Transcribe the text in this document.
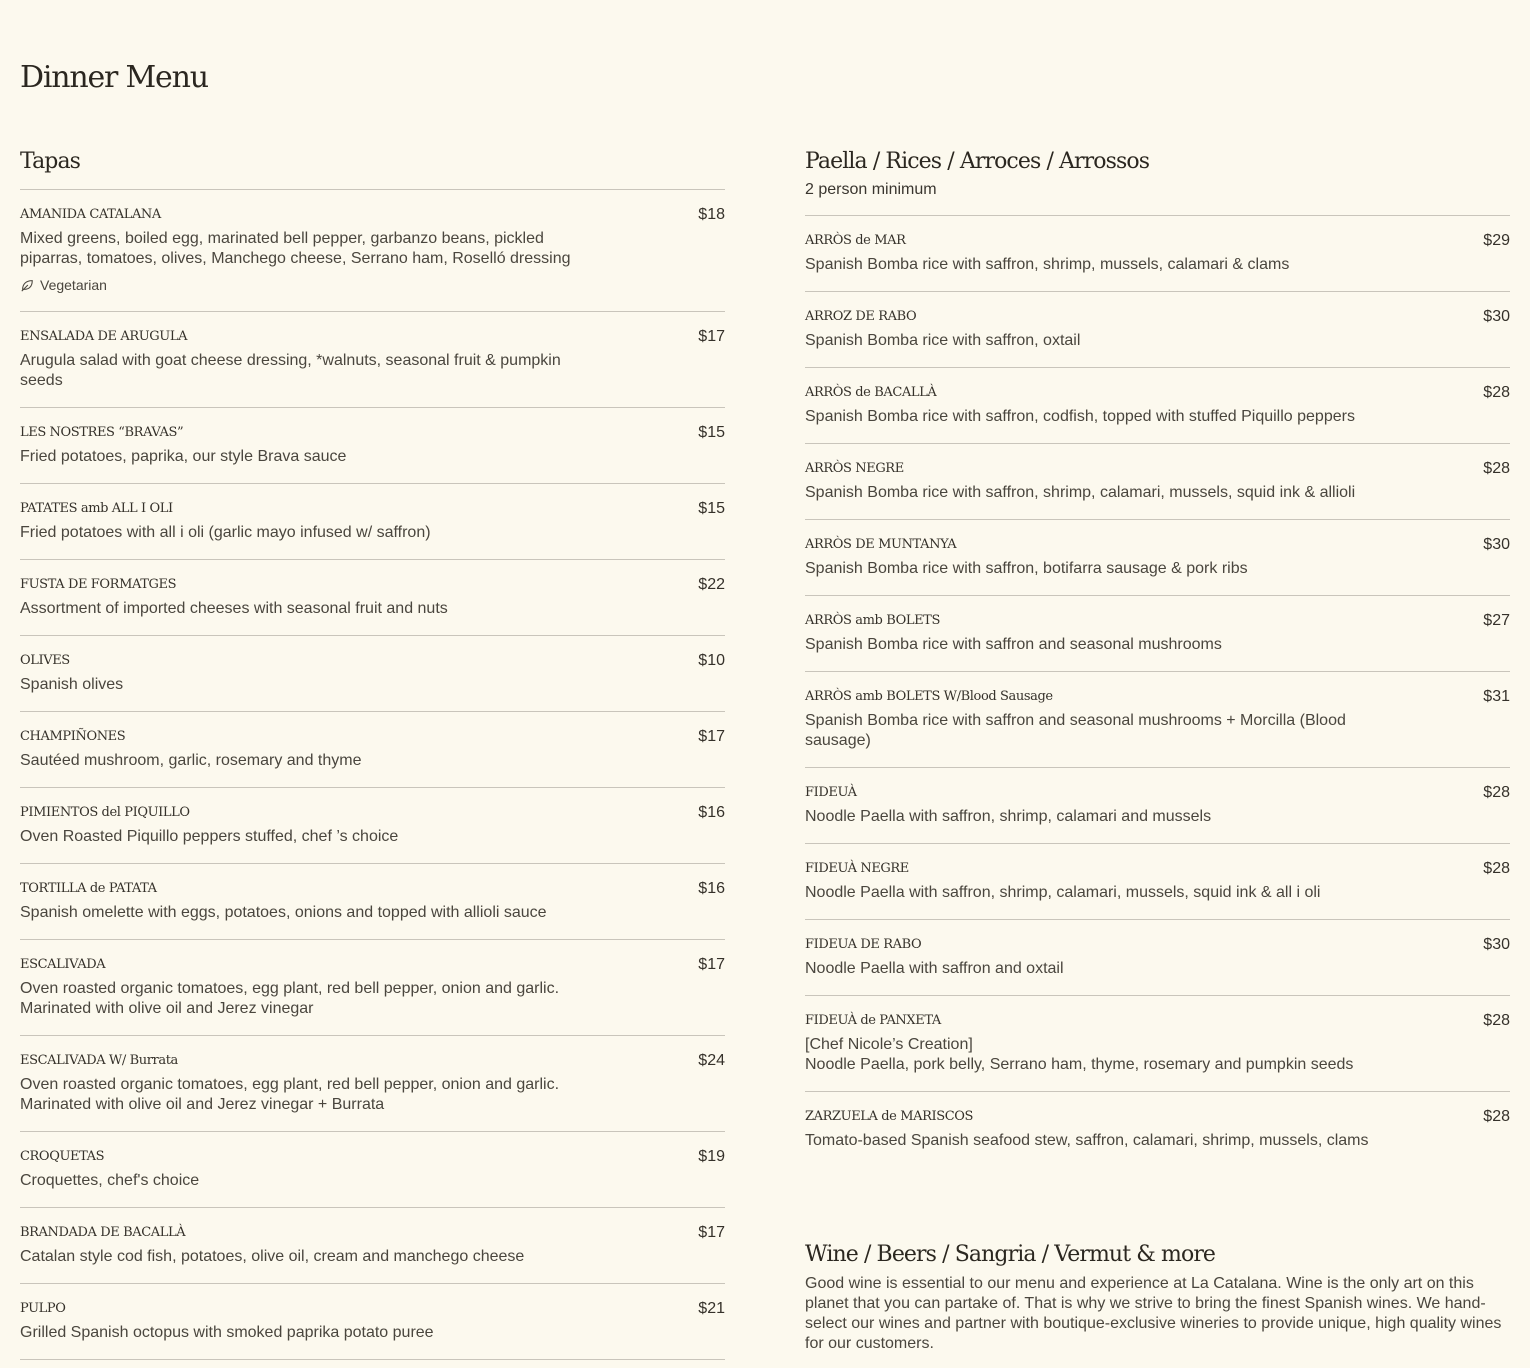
Dinner Menu
Tapas
AMANIDA CATALANA	$18
Mixed greens, boiled egg, marinated bell pepper, garbanzo beans, pickled piparras, tomatoes, olives, Manchego cheese, Serrano ham, Roselló dressing
Vegetarian
ENSALADA DE ARUGULA	$17
Arugula salad with goat cheese dressing, *walnuts, seasonal fruit & pumpkin seeds
LES NOSTRES “BRAVAS”	$15
Fried potatoes, paprika, our style Brava sauce
PATATES amb ALL I OLI	$15
Fried potatoes with all i oli (garlic mayo infused w/ saffron)
FUSTA DE FORMATGES	$22
Assortment of imported cheeses with seasonal fruit and nuts
OLIVES	$10
Spanish olives
CHAMPIÑONES	$17
Sautéed mushroom, garlic, rosemary and thyme
PIMIENTOS del PIQUILLO	$16
Oven Roasted Piquillo peppers stuffed, chef ’s choice
TORTILLA de PATATA	$16
Spanish omelette with eggs, potatoes, onions and topped with allioli sauce
ESCALIVADA	$17
Oven roasted organic tomatoes, egg plant, red bell pepper, onion and garlic. Marinated with olive oil and Jerez vinegar
ESCALIVADA W/ Burrata	$24
Oven roasted organic tomatoes, egg plant, red bell pepper, onion and garlic. Marinated with olive oil and Jerez vinegar + Burrata
CROQUETAS	$19
Croquettes, chef's choice
BRANDADA DE BACALLÀ	$17
Catalan style cod fish, potatoes, olive oil, cream and manchego cheese
PULPO	$21
Grilled Spanish octopus with smoked paprika potato puree
Paella / Rices / Arroces / Arrossos
2 person minimum
ARRÒS de MAR	$29
Spanish Bomba rice with saffron, shrimp, mussels, calamari & clams
ARROZ DE RABO	$30
Spanish Bomba rice with saffron, oxtail
ARRÒS de BACALLÀ	$28
Spanish Bomba rice with saffron, codfish, topped with stuffed Piquillo peppers
ARRÒS NEGRE	$28
Spanish Bomba rice with saffron, shrimp, calamari, mussels, squid ink & allioli
ARRÒS DE MUNTANYA	$30
Spanish Bomba rice with saffron, botifarra sausage & pork ribs
ARRÒS amb BOLETS	$27
Spanish Bomba rice with saffron and seasonal mushrooms
ARRÒS amb BOLETS W/Blood Sausage	$31
Spanish Bomba rice with saffron and seasonal mushrooms + Morcilla (Blood sausage)
FIDEUÀ	$28
Noodle Paella with saffron, shrimp, calamari and mussels
FIDEUÀ NEGRE	$28
Noodle Paella with saffron, shrimp, calamari, mussels, squid ink & all i oli
FIDEUA DE RABO	$30
Noodle Paella with saffron and oxtail
FIDEUÀ de PANXETA	$28
[Chef Nicole’s Creation]
Noodle Paella, pork belly, Serrano ham, thyme, rosemary and pumpkin seeds
ZARZUELA de MARISCOS	$28
Tomato-based Spanish seafood stew, saffron, calamari, shrimp, mussels, clams
Wine / Beers / Sangria / Vermut & more
Good wine is essential to our menu and experience at La Catalana. Wine is the only art on this planet that you can partake of. That is why we strive to bring the finest Spanish wines. We hand-select our wines and partner with boutique-exclusive wineries to provide unique, high quality wines for our customers.
